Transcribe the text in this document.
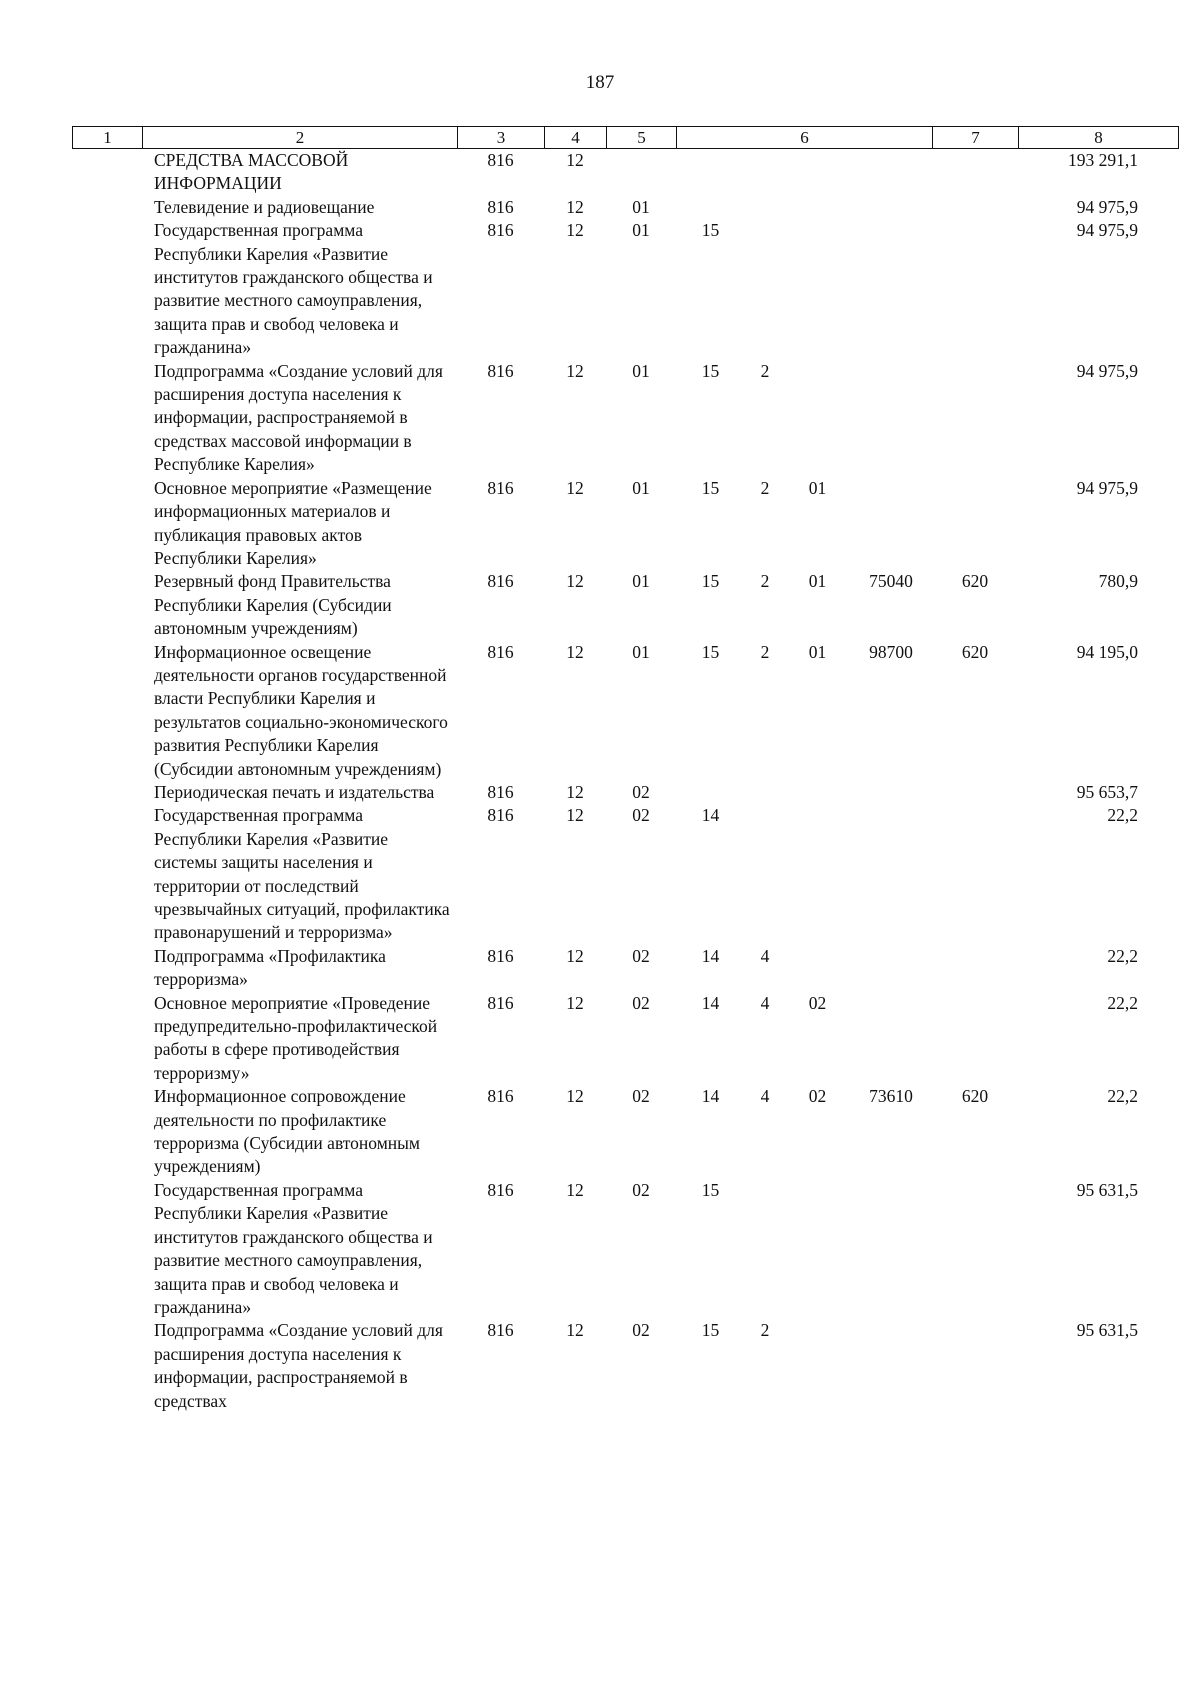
187
1	2	3	4	5	6	7	8
	СРЕДСТВА МАССОВОЙ ИНФОРМАЦИИ	816	12							193 291,1
	Телевидение и радиовещание	816	12	01						94 975,9
	Государственная программа Республики Карелия «Развитие институтов гражданского общества и развитие местного самоуправления, защита прав и свобод человека и гражданина»	816	12	01	15					94 975,9
	Подпрограмма «Создание условий для расширения доступа населения к информации, распространяемой в средствах массовой информации в Республике Карелия»	816	12	01	15	2				94 975,9
	Основное мероприятие «Размещение информационных материалов и публикация правовых актов Республики Карелия»	816	12	01	15	2	01			94 975,9
	Резервный фонд Правительства Республики Карелия (Субсидии автономным учреждениям)	816	12	01	15	2	01	75040	620	780,9
	Информационное освещение деятельности органов государственной власти Республики Карелия и результатов социально-экономического развития Республики Карелия (Субсидии автономным учреждениям)	816	12	01	15	2	01	98700	620	94 195,0
	Периодическая печать и издательства	816	12	02						95 653,7
	Государственная программа Республики Карелия «Развитие системы защиты населения и территории от последствий чрезвычайных ситуаций, профилактика правонарушений и терроризма»	816	12	02	14					22,2
	Подпрограмма «Профилактика терроризма»	816	12	02	14	4				22,2
	Основное мероприятие «Проведение предупредительно-профилактической работы в сфере противодействия терроризму»	816	12	02	14	4	02			22,2
	Информационное сопровождение деятельности по профилактике терроризма (Субсидии автономным учреждениям)	816	12	02	14	4	02	73610	620	22,2
	Государственная программа Республики Карелия «Развитие институтов гражданского общества и развитие местного самоуправления, защита прав и свобод человека и гражданина»	816	12	02	15					95 631,5
	Подпрограмма «Создание условий для расширения доступа населения к информации, распространяемой в средствах	816	12	02	15	2				95 631,5
